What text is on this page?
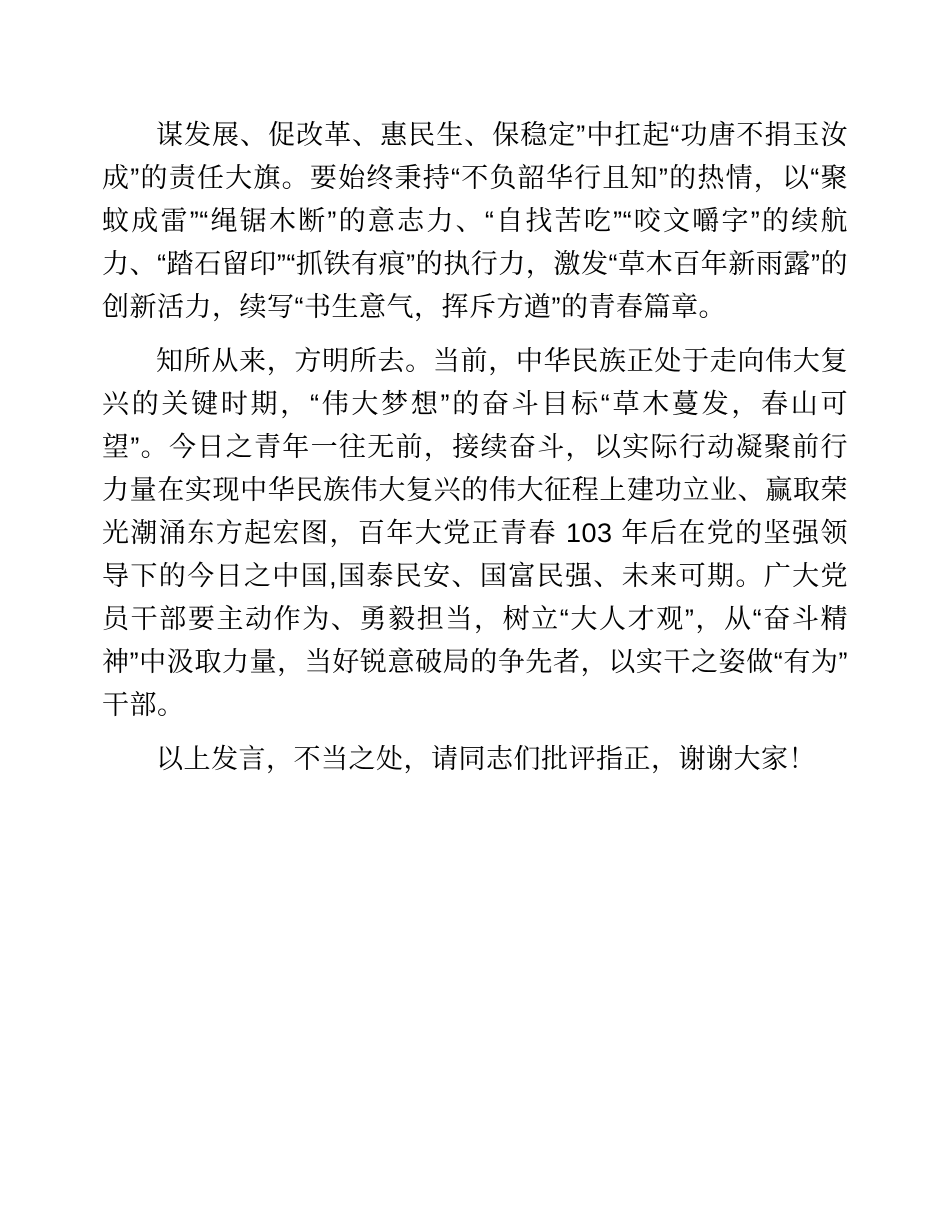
谋发展、促改革、惠民生、保稳定”中扛起“功唐不捐玉汝成”的责任大旗。要始终秉持“不负韶华行且知”的热情，以“聚蚊成雷”“绳锯木断”的意志力、“自找苦吃”“咬文嚼字”的续航力、“踏石留印”“抓铁有痕”的执行力，激发“草木百年新雨露”的创新活力，续写“书生意气，挥斥方遒”的青春篇章。

知所从来，方明所去。当前，中华民族正处于走向伟大复兴的关键时期，“伟大梦想”的奋斗目标“草木蔓发，春山可望”。今日之青年一往无前，接续奋斗，以实际行动凝聚前行力量在实现中华民族伟大复兴的伟大征程上建功立业、赢取荣光潮涌东方起宏图，百年大党正青春 103 年后在党的坚强领导下的今日之中国,国泰民安、国富民强、未来可期。广大党员干部要主动作为、勇毅担当，树立“大人才观”，从“奋斗精神”中汲取力量，当好锐意破局的争先者，以实干之姿做“有为”干部。

以上发言，不当之处，请同志们批评指正，谢谢大家！
